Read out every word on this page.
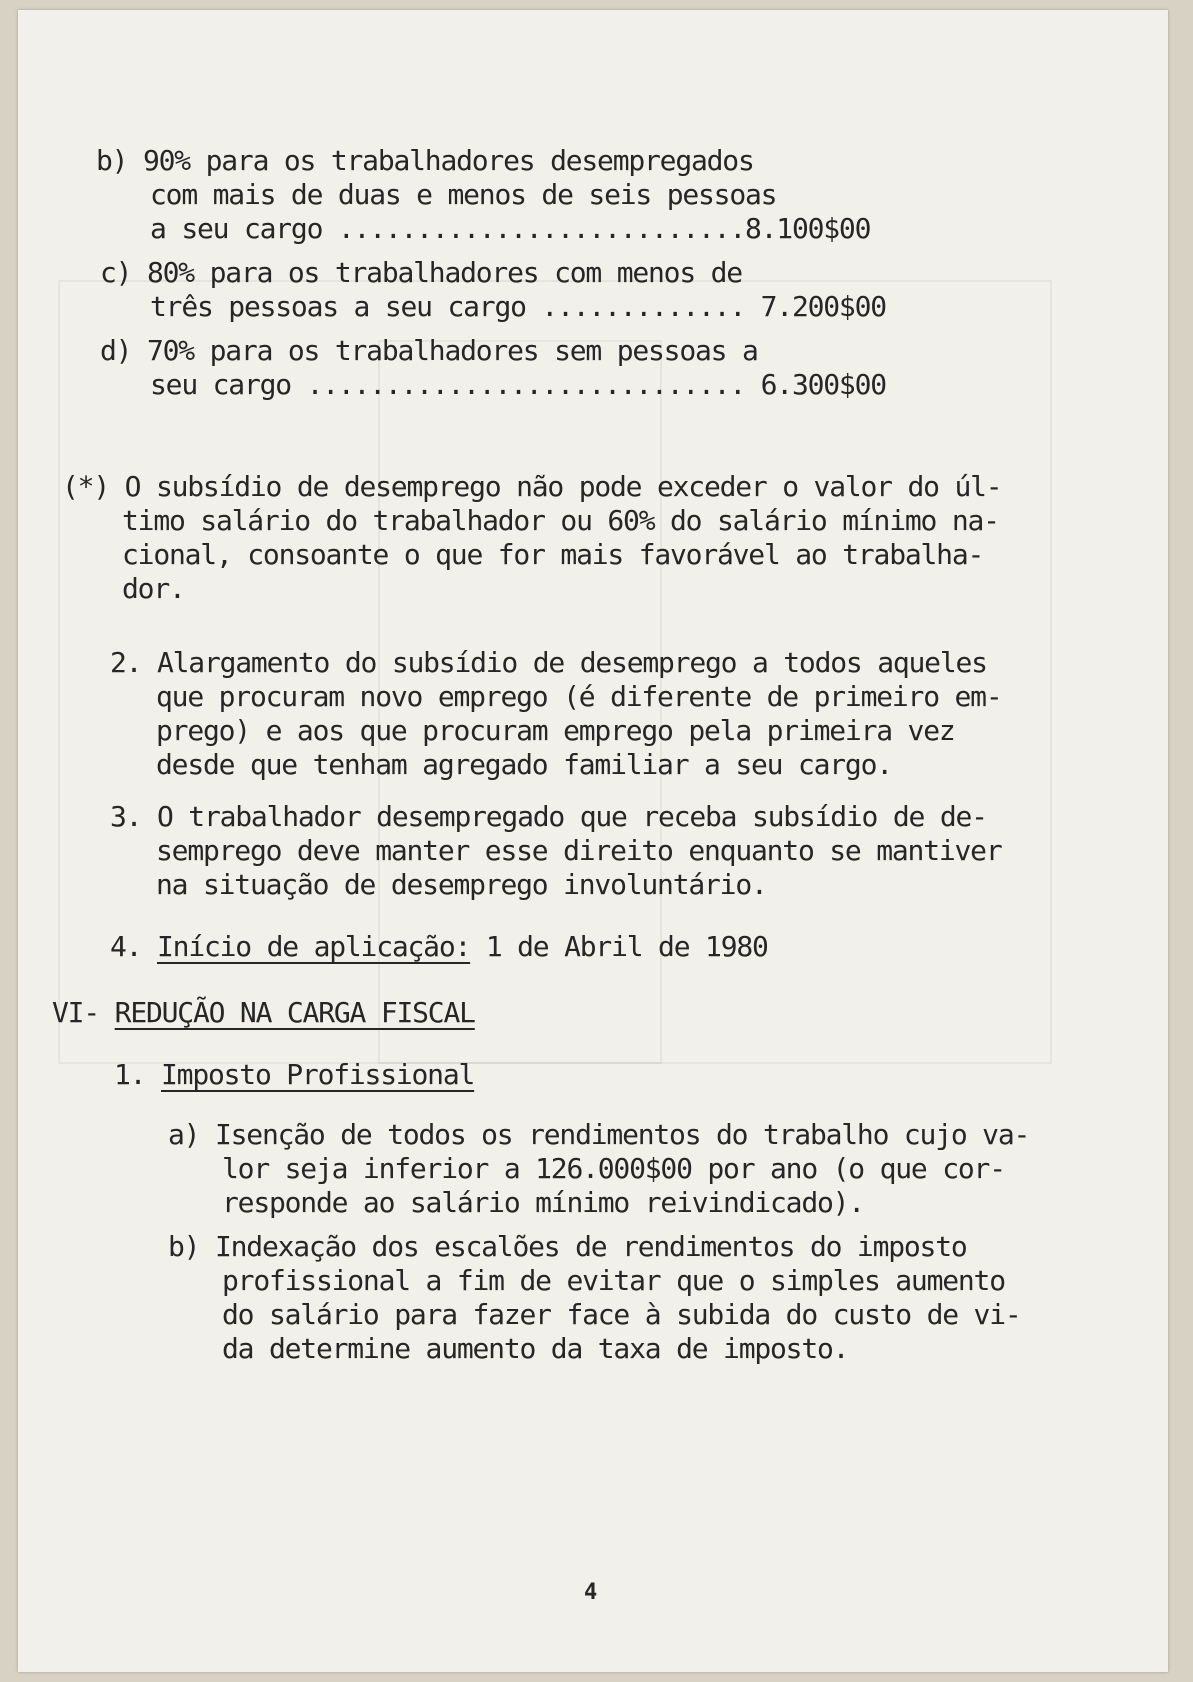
b) 90% para os trabalhadores desempregados
com mais de duas e menos de seis pessoas
a seu cargo ..........................8.100$00
c) 80% para os trabalhadores com menos de
três pessoas a seu cargo ............. 7.200$00
d) 70% para os trabalhadores sem pessoas a
seu cargo ............................ 6.300$00
(*) O subsídio de desemprego não pode exceder o valor do úl-
timo salário do trabalhador ou 60% do salário mínimo na-
cional, consoante o que for mais favorável ao trabalha-
dor.
2. Alargamento do subsídio de desemprego a todos aqueles
que procuram novo emprego (é diferente de primeiro em-
prego) e aos que procuram emprego pela primeira vez
desde que tenham agregado familiar a seu cargo.
3. O trabalhador desempregado que receba subsídio de de-
semprego deve manter esse direito enquanto se mantiver
na situação de desemprego involuntário.
4. Início de aplicação: 1 de Abril de 1980
VI- REDUÇÃO NA CARGA FISCAL
1. Imposto Profissional
a) Isenção de todos os rendimentos do trabalho cujo va-
lor seja inferior a 126.000$00 por ano (o que cor-
responde ao salário mínimo reivindicado).
b) Indexação dos escalões de rendimentos do imposto
profissional a fim de evitar que o simples aumento
do salário para fazer face à subida do custo de vi-
da determine aumento da taxa de imposto.
4
